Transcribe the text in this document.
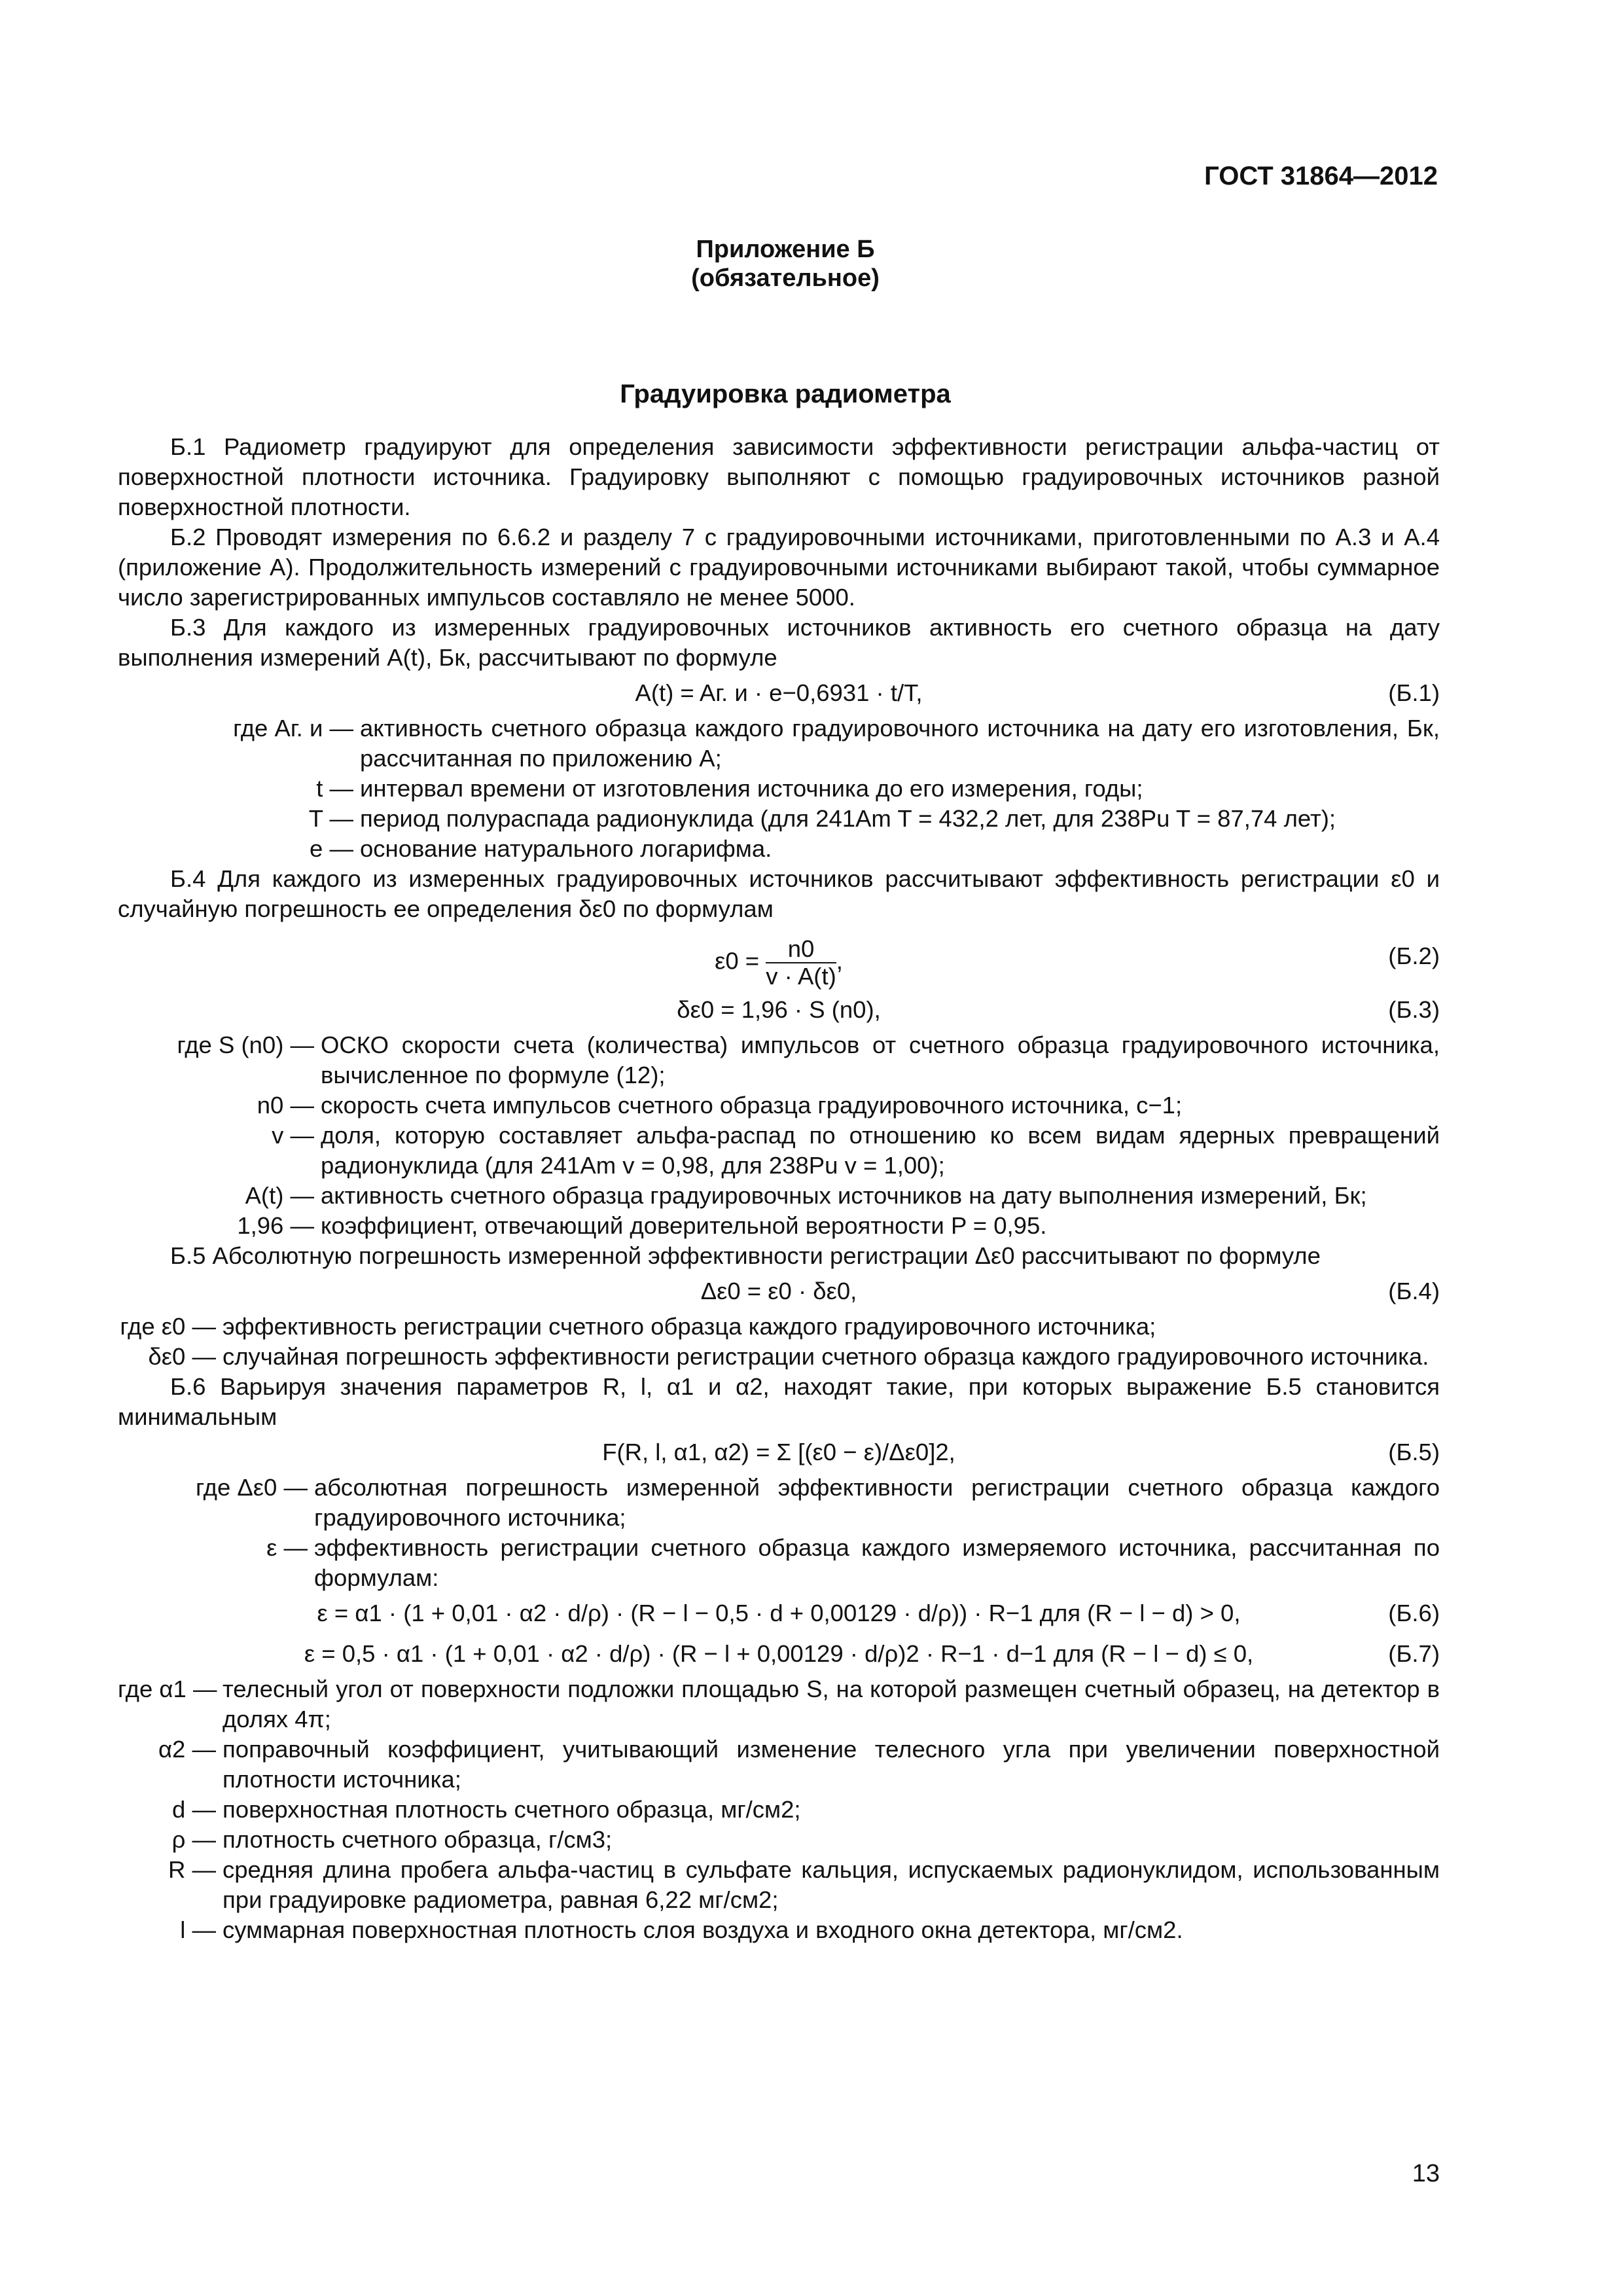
ГОСТ 31864—2012
Приложение Б
(обязательное)
Градуировка радиометра

Б.1 Радиометр градуируют для определения зависимости эффективности регистрации альфа-частиц от поверхностной плотности источника. Градуировку выполняют с помощью градуировочных источников разной поверхностной плотности.

Б.2 Проводят измерения по 6.6.2 и разделу 7 с градуировочными источниками, приготовленными по А.3 и А.4 (приложение А). Продолжительность измерений с градуировочными источниками выбирают такой, чтобы суммарное число зарегистрированных импульсов составляло не менее 5000.

Б.3 Для каждого из измеренных градуировочных источников активность его счетного образца на дату выполнения измерений A(t), Бк, рассчитывают по формуле

A(t) = Aг. и · e−0,6931 · t/T,	(Б.1)
где Aг. и — активность счетного образца каждого градуировочного источника на дату его изготовления, Бк, рассчитанная по приложению А;
t — интервал времени от изготовления источника до его измерения, годы;
T — период полураспада радионуклида (для 241Am T = 432,2 лет, для 238Pu T = 87,74 лет);
e — основание натурального логарифма.

Б.4 Для каждого из измеренных градуировочных источников рассчитывают эффективность регистрации ε0 и случайную погрешность ее определения δε0 по формулам

$\varepsilon 0 = \frac{n0}{v \cdot A(t)}$ ,	(Б.2)
δε0 = 1,96 · S (n0),	(Б.3)
где S (n0) — ОСКО скорости счета (количества) импульсов от счетного образца градуировочного источника, вычисленное по формуле (12);
n0 — скорость счета импульсов счетного образца градуировочного источника, с−1;
v — доля, которую составляет альфа-распад по отношению ко всем видам ядерных превращений радионуклида (для 241Am v = 0,98, для 238Pu v = 1,00);
A(t) — активность счетного образца градуировочных источников на дату выполнения измерений, Бк;
1,96 — коэффициент, отвечающий доверительной вероятности P = 0,95.

Б.5 Абсолютную погрешность измеренной эффективности регистрации Δε0 рассчитывают по формуле

Δε0 = ε0 · δε0,	(Б.4)
где ε0 — эффективность регистрации счетного образца каждого градуировочного источника;
δε0 — случайная погрешность эффективности регистрации счетного образца каждого градуировочного источника.

Б.6 Варьируя значения параметров R, l, α1 и α2, находят такие, при которых выражение Б.5 становится минимальным

F(R, l, α1, α2) = Σ [(ε0 − ε)/Δε0]2,	(Б.5)
где Δε0 — абсолютная погрешность измеренной эффективности регистрации счетного образца каждого градуировочного источника;
ε — эффективность регистрации счетного образца каждого измеряемого источника, рассчитанная по формулам:
ε = α1 · (1 + 0,01 · α2 · d/ρ) · (R − l − 0,5 · d + 0,00129 · d/ρ)) · R−1 для (R − l − d) > 0,	(Б.6)
ε = 0,5 · α1 · (1 + 0,01 · α2 · d/ρ) · (R − l + 0,00129 · d/ρ)2 · R−1 · d−1 для (R − l − d) ≤ 0,	(Б.7)
где α1 — телесный угол от поверхности подложки площадью S, на которой размещен счетный образец, на детектор в долях 4π;
α2 — поправочный коэффициент, учитывающий изменение телесного угла при увеличении поверхностной плотности источника;
d — поверхностная плотность счетного образца, мг/см2;
ρ — плотность счетного образца, г/см3;
R — средняя длина пробега альфа-частиц в сульфате кальция, испускаемых радионуклидом, использованным при градуировке радиометра, равная 6,22 мг/см2;
l — суммарная поверхностная плотность слоя воздуха и входного окна детектора, мг/см2.
13
